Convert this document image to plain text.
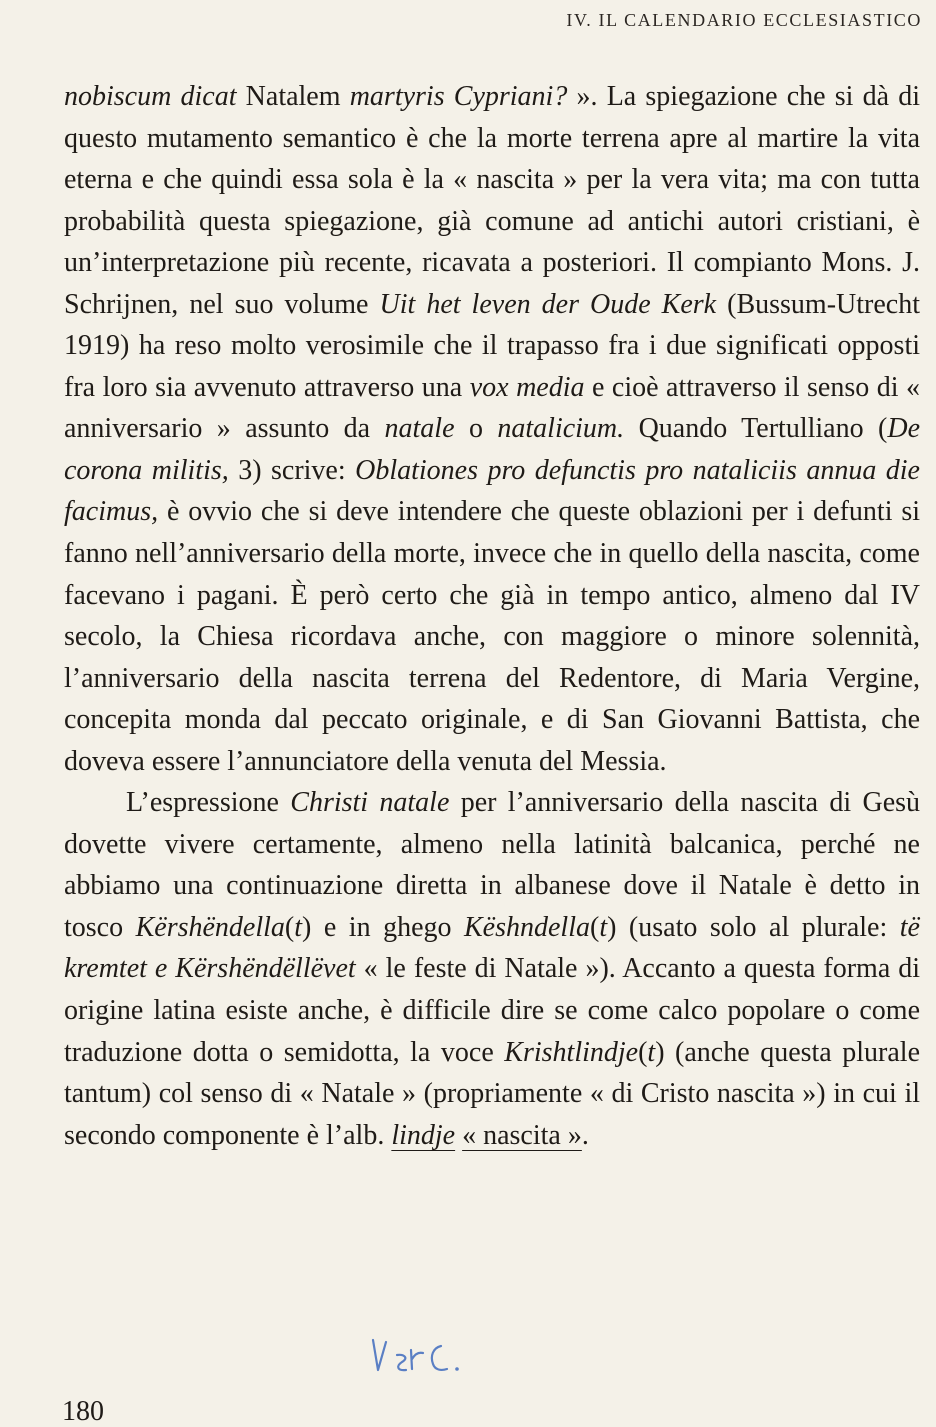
IV. IL CALENDARIO ECCLESIASTICO

nobiscum dicat Natalem martyris Cypriani? ». La spiegazione che si dà di questo mutamento semantico è che la morte terrena apre al martire la vita eterna e che quindi essa sola è la « nascita » per la vera vita; ma con tutta probabilità questa spiegazione, già comune ad antichi autori cristiani, è un’interpretazione più recente, ricavata a posteriori. Il compianto Mons. J. Schrijnen, nel suo volume Uit het leven der Oude Kerk (Bussum-Utrecht 1919) ha reso molto verosimile che il trapasso fra i due significati opposti fra loro sia avvenuto attraverso una vox media e cioè attraverso il senso di « anniversario » assunto da natale o natalicium. Quando Tertulliano (De corona militis, 3) scrive: Oblationes pro defunctis pro nataliciis annua die facimus, è ovvio che si deve intendere che queste oblazioni per i defunti si fanno nell’anniversario della morte, invece che in quello della nascita, come facevano i pagani. È però certo che già in tempo antico, almeno dal IV secolo, la Chiesa ricordava anche, con maggiore o minore solennità, l’anniversario della nascita terrena del Redentore, di Maria Vergine, concepita monda dal peccato originale, e di San Giovanni Battista, che doveva essere l’annunciatore della venuta del Messia.

L’espressione Christi natale per l’anniversario della nascita di Gesù dovette vivere certamente, almeno nella latinità balcanica, perché ne abbiamo una continuazione diretta in albanese dove il Natale è detto in tosco Kërshëndella(t) e in ghego Këshndella(t) (usato solo al plurale: të kremtet e Kërshëndëllëvet « le feste di Natale »). Accanto a questa forma di origine latina esiste anche, è difficile dire se come calco popolare o come traduzione dotta o semidotta, la voce Krishtlindje(t) (anche questa plurale tantum) col senso di « Natale » (propriamente « di Cristo nascita ») in cui il secondo componente è l’alb. lindje « nascita ».

180
